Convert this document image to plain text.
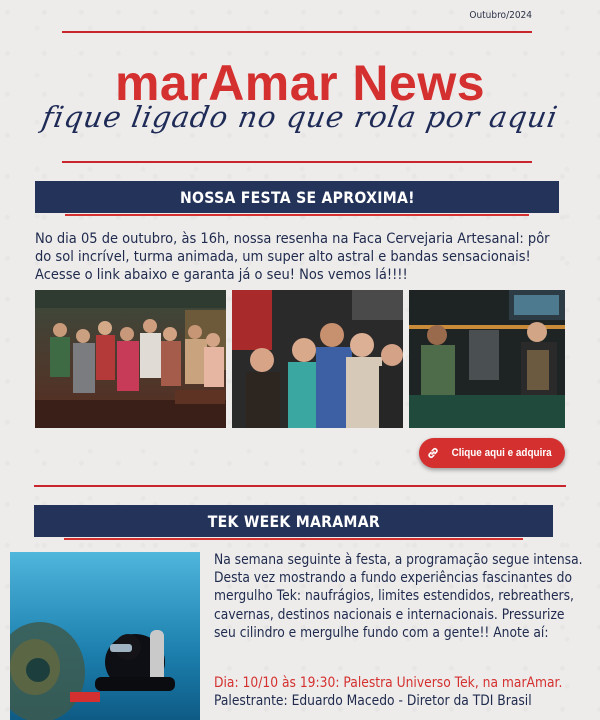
Outubro/2024
marAmar News
fique ligado no que rola por aqui
NOSSA FESTA SE APROXIMA!
No dia 05 de outubro, às 16h, nossa resenha na Faca Cervejaria Artesanal: pôr do sol incrível, turma animada, um super alto astral e bandas sensacionais! Acesse o link abaixo e garanta já o seu! Nos vemos lá!!!!
Clique aqui e adquira
TEK WEEK MARAMAR
Na semana seguinte à festa, a programação segue intensa. Desta vez mostrando a fundo experiências fascinantes do mergulho Tek: naufrágios, limites estendidos, rebreathers, cavernas, destinos nacionais e internacionais. Pressurize seu cilindro e mergulhe fundo com a gente!! Anote aí:
Dia: 10/10 às 19:30: Palestra Universo Tek, na marAmar.
Palestrante: Eduardo Macedo - Diretor da TDI Brasil
